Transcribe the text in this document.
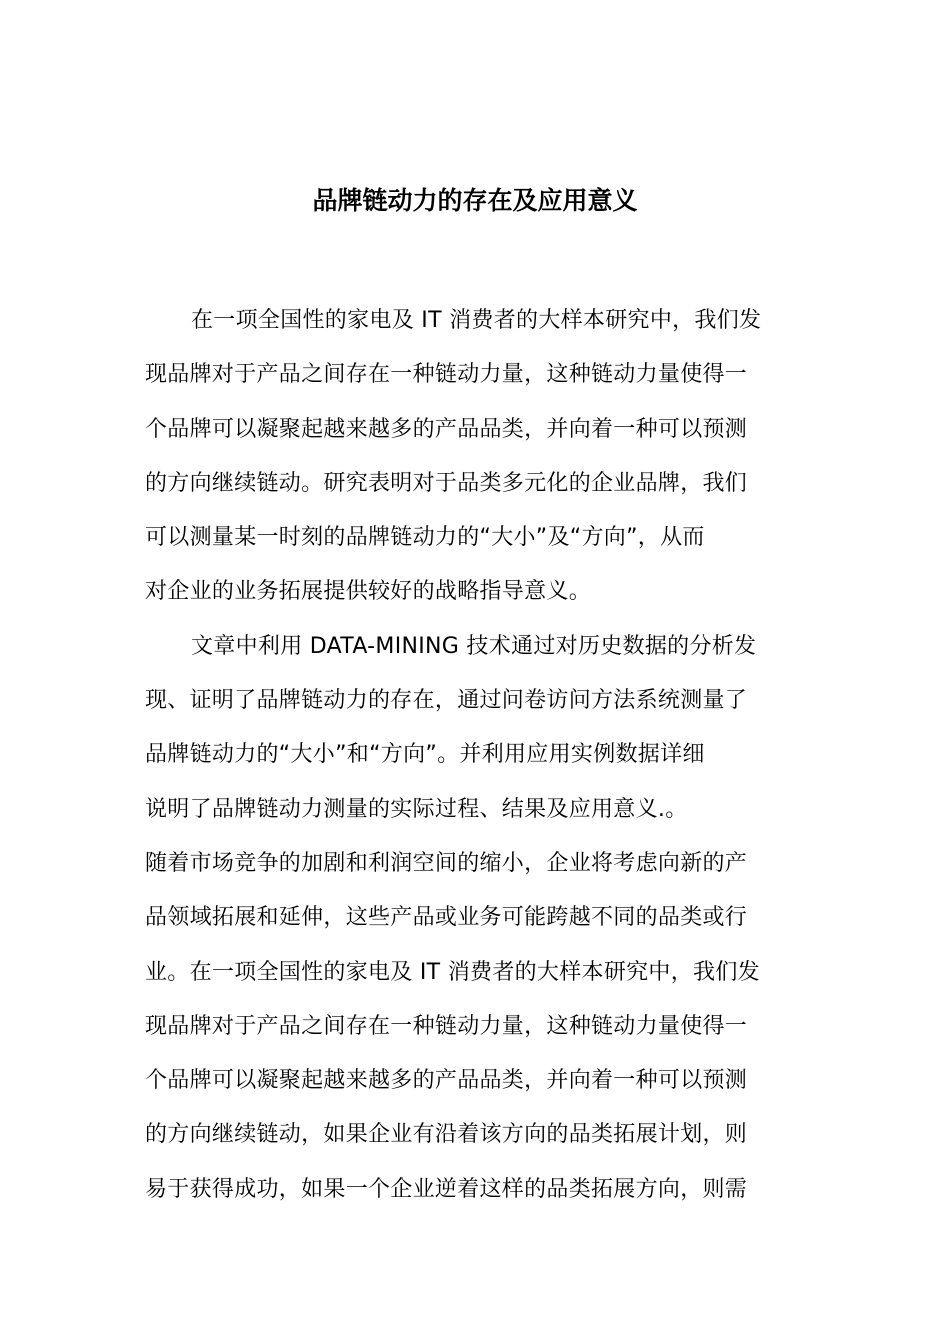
品牌链动力的存在及应用意义
在一项全国性的家电及 IT 消费者的大样本研究中，我们发
现品牌对于产品之间存在一种链动力量，这种链动力量使得一
个品牌可以凝聚起越来越多的产品品类，并向着一种可以预测
的方向继续链动。研究表明对于品类多元化的企业品牌，我们
可以测量某一时刻的品牌链动力的“大小”及“方向”，从而
对企业的业务拓展提供较好的战略指导意义。
文章中利用 DATA-MINING 技术通过对历史数据的分析发
现、证明了品牌链动力的存在，通过问卷访问方法系统测量了
品牌链动力的“大小”和“方向”。并利用应用实例数据详细
说明了品牌链动力测量的实际过程、结果及应用意义.。
随着市场竞争的加剧和利润空间的缩小，企业将考虑向新的产
品领域拓展和延伸，这些产品或业务可能跨越不同的品类或行
业。在一项全国性的家电及 IT 消费者的大样本研究中，我们发
现品牌对于产品之间存在一种链动力量，这种链动力量使得一
个品牌可以凝聚起越来越多的产品品类，并向着一种可以预测
的方向继续链动，如果企业有沿着该方向的品类拓展计划，则
易于获得成功，如果一个企业逆着这样的品类拓展方向，则需
